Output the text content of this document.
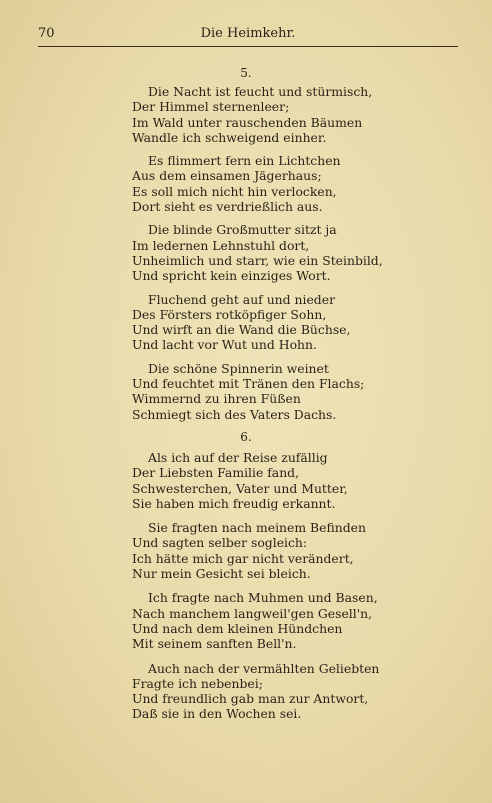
70	Die Heimkehr.
5.
Die Nacht ist feucht und stürmisch,
Der Himmel sternenleer;
Im Wald unter rauschenden Bäumen
Wandle ich schweigend einher.
Es flimmert fern ein Lichtchen
Aus dem einsamen Jägerhaus;
Es soll mich nicht hin verlocken,
Dort sieht es verdrießlich aus.
Die blinde Großmutter sitzt ja
Im ledernen Lehnstuhl dort,
Unheimlich und starr, wie ein Steinbild,
Und spricht kein einziges Wort.
Fluchend geht auf und nieder
Des Försters rotköpfiger Sohn,
Und wirft an die Wand die Büchse,
Und lacht vor Wut und Hohn.
Die schöne Spinnerin weinet
Und feuchtet mit Tränen den Flachs;
Wimmernd zu ihren Füßen
Schmiegt sich des Vaters Dachs.
6.
Als ich auf der Reise zufällig
Der Liebsten Familie fand,
Schwesterchen, Vater und Mutter,
Sie haben mich freudig erkannt.
Sie fragten nach meinem Befinden
Und sagten selber sogleich:
Ich hätte mich gar nicht verändert,
Nur mein Gesicht sei bleich.
Ich fragte nach Muhmen und Basen,
Nach manchem langweil'gen Gesell'n,
Und nach dem kleinen Hündchen
Mit seinem sanften Bell'n.
Auch nach der vermählten Geliebten
Fragte ich nebenbei;
Und freundlich gab man zur Antwort,
Daß sie in den Wochen sei.
